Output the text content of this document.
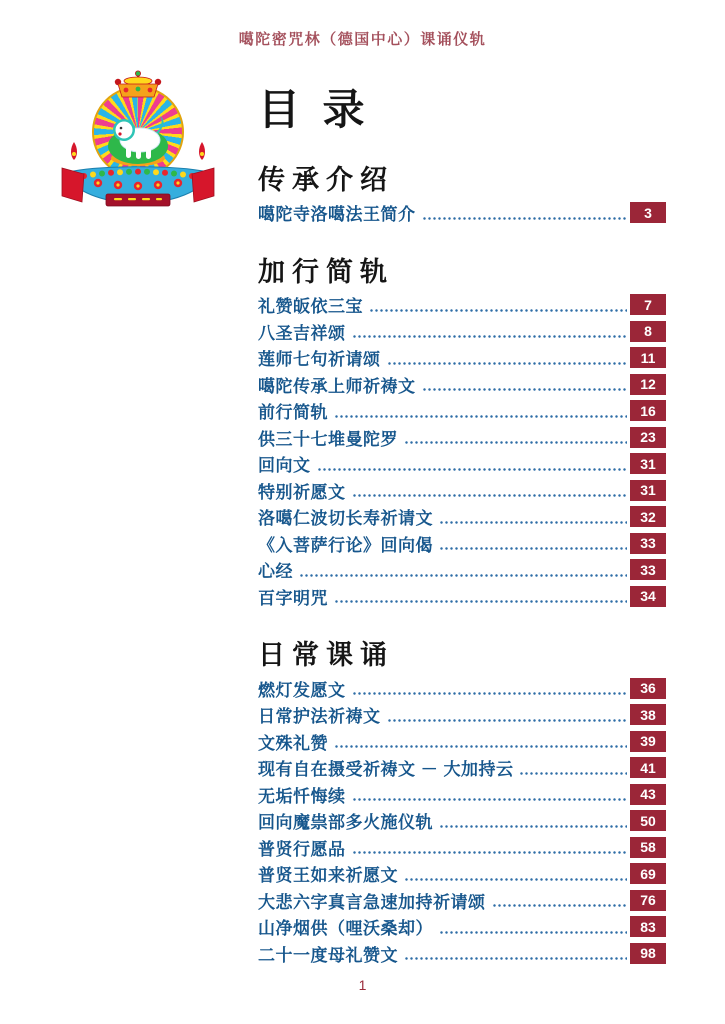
噶陀密咒林（德国中心）课诵仪轨
目 录
传承介绍
噶陀寺洛噶法王简介	3
加行简轨
礼赞皈依三宝	7
八圣吉祥颂	8
莲师七句祈请颂	11
噶陀传承上师祈祷文	12
前行简轨	16
供三十七堆曼陀罗	23
回向文	31
特别祈愿文	31
洛噶仁波切长寿祈请文	32
《入菩萨行论》回向偈	33
心经	33
百字明咒	34
日常课诵
燃灯发愿文	36
日常护法祈祷文	38
文殊礼赞	39
现有自在摄受祈祷文 － 大加持云	41
无垢忏悔续	43
回向魔祟部多火施仪轨	50
普贤行愿品	58
普贤王如来祈愿文	69
大悲六字真言急速加持祈请颂	76
山净烟供（哩沃桑却）	83
二十一度母礼赞文	98
1
